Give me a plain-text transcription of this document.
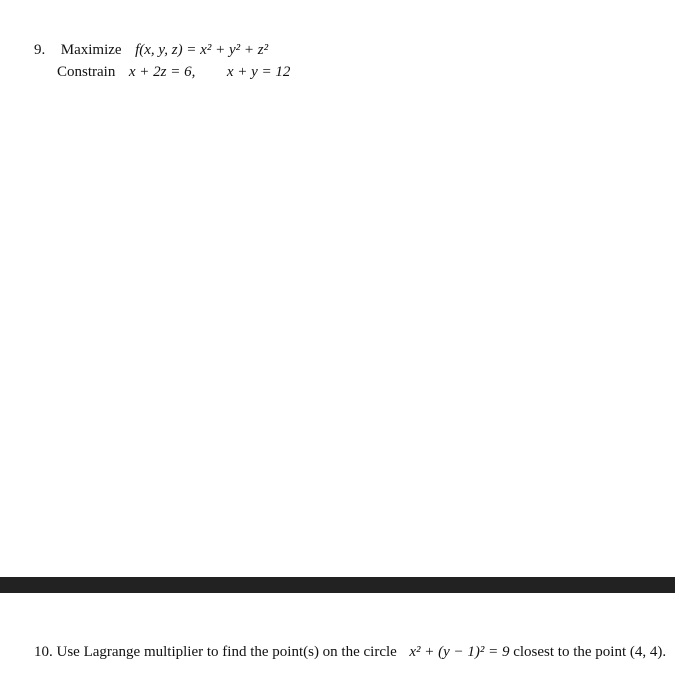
9. Maximize f(x, y, z) = x² + y² + z²
Constrain x + 2z = 6, x + y = 12
10. Use Lagrange multiplier to find the point(s) on the circle x² + (y − 1)² = 9 closest to the point (4, 4).
